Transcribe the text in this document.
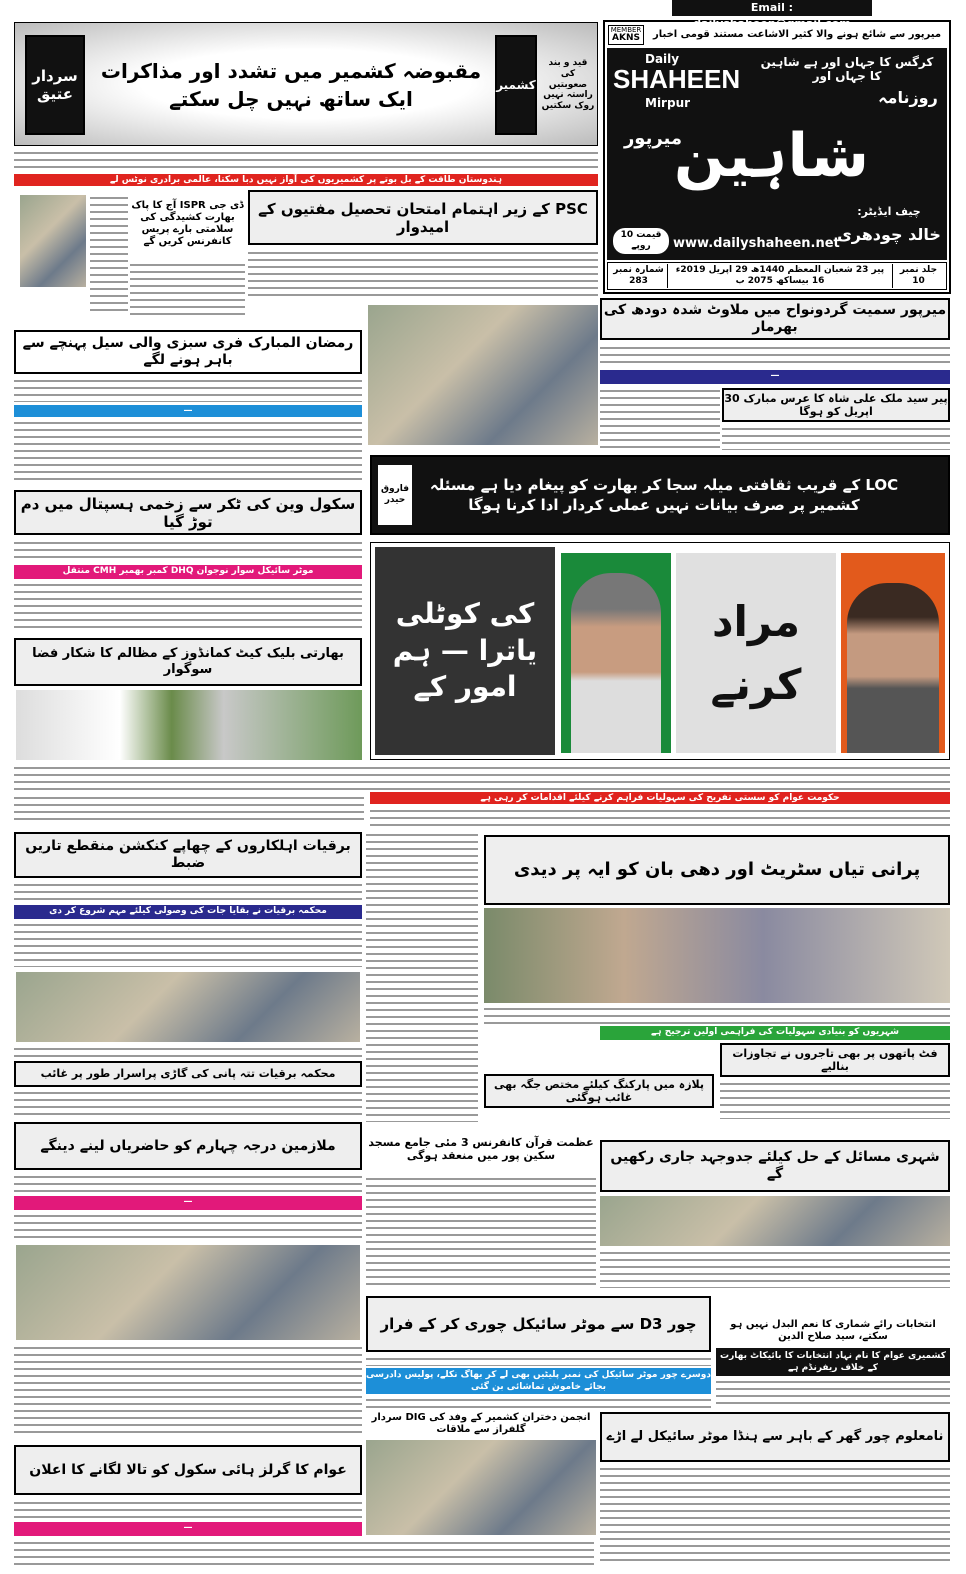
Email : dailyshaheen@gmail.com
سردار عتیق
مقبوضہ کشمیر میں تشدد اور مذاکرات ایک ساتھ نہیں چل سکتے
کشمیر
قید و بند کی صعوبتیں راستہ نہیں روک سکتیں
MEMBER
AKNS	میرپور سے شائع ہونے والا کثیر الاشاعت مستند قومی اخبار
Daily
SHAHEEN
Mirpur
کرگس کا جہاں اور ہے شاہین کا جہاں اور
روزنامہ
شاہین
میرپور
چیف ایڈیٹر:
خالد چودھری
قیمت 10 روپے	www.dailyshaheen.net
جلد نمبر 10
پیر 23 شعبان المعظم 1440ھ 29 اپریل 2019ء 16 بیساکھ 2075 ب
شمارہ نمبر 283
ہندوستان طاقت کے بل بوتے پر کشمیریوں کی آواز نہیں دبا سکتا، عالمی برادری نوٹس لے
ڈی جی ISPR آج کا پاک بھارت کشیدگی کی سلامتی بارے پریس کانفرنس کریں گے
PSC کے زیر اہتمام امتحان تحصیل مفتیوں کے امیدوار
رمضان المبارک فری سبزی والی سیل پہنچے سے باہر ہونے لگے
—
سکول وین کی ٹکر سے زخمی ہسپتال میں دم توڑ گیا
موٹر سائیکل سوار نوجوان DHQ کمبر بھمبر CMH منتقل
بھارتی بلیک کیٹ کمانڈوز کے مظالم کا شکار فضا سوگوار
میرپور سمیت گردونواح میں ملاوٹ شدہ دودھ کی بھرمار
—
پیر سید ملک علی شاہ کا عرس مبارک 30 اپریل کو ہوگا
LOC کے قریب ثقافتی میلہ سجا کر بھارت کو پیغام دیا ہے مسئلہ کشمیر پر صرف بیانات نہیں عملی کردار ادا کرنا ہوگا
فاروق حیدر
کی کوٹلی یاترا — ہم امور کے
مراد کرنے
حکومت عوام کو سستی تفریح کی سہولیات فراہم کرنے کیلئے اقدامات کر رہی ہے
برقیات اہلکاروں کے چھاپے کنکشن منقطع تاریں ضبط
محکمہ برقیات نے بقایا جات کی وصولی کیلئے مہم شروع کر دی
محکمہ برقیات تتہ پانی کی گاڑی پراسرار طور پر غائب
پرانی تیاں سٹریٹ اور دھی بان کو ایہ پر دیدی
شہریوں کو بنیادی سہولیات کی فراہمی اولین ترجیح ہے
پلازہ میں پارکنگ کیلئے مختص جگہ بھی غائب ہوگئی
فٹ پاتھوں پر بھی تاجروں نے تجاوزات بنالیے
ملازمین درجہ چہارم کو حاضریاں لینے دینگے
—
عظمت قرآن کانفرنس 3 مئی جامع مسجد سکین پور میں منعقد ہوگی	شہری مسائل کے حل کیلئے جدوجہد جاری رکھیں گے
چور D3 سے موٹر سائیکل چوری کر کے فرار
دوسرے چور موٹر سائیکل کی نمبر پلیٹیں بھی لے کر بھاگ نکلے، پولیس دادرسی بجائے خاموش تماشائی بن گئی
انتخابات رائے شماری کا نعم البدل نہیں ہو سکتے، سید صلاح الدین
کشمیری عوام کا نام نہاد انتخابات کا بائیکاٹ بھارت کے خلاف ریفرنڈم ہے
انجمن دختران کشمیر کے وفد کی DIG سردار گلفراز سے ملاقات	نامعلوم چور گھر کے باہر سے ہنڈا موٹر سائیکل لے اڑے
عوام کا گرلز ہائی سکول کو تالا لگانے کا اعلان
—
